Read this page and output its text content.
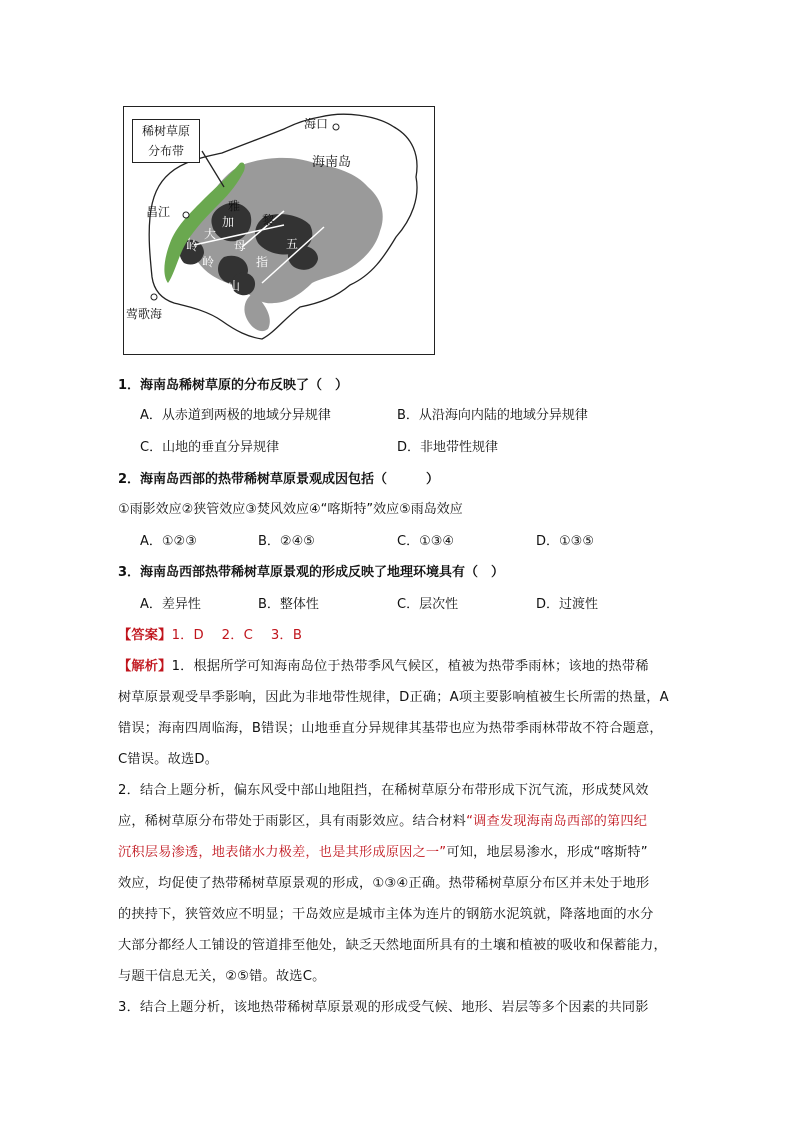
稀树草原
分布带
海口
海南岛
昌江
莺歌海
雅
加
大
岭
岭
黎
母	五
指
山
1．海南岛稀树草原的分布反映了（　）
A．从赤道到两极的地域分异规律	B．从沿海向内陆的地域分异规律
C．山地的垂直分异规律	D．非地带性规律
2．海南岛西部的热带稀树草原景观成因包括（　　　）
①雨影效应②狭管效应③焚风效应④“喀斯特”效应⑤雨岛效应
A．①②③	B．②④⑤	C．①③④	D．①③⑤
3．海南岛西部热带稀树草原景观的形成反映了地理环境具有（　）
A．差异性	B．整体性	C．层次性	D．过渡性
【答案】1．D　 2．C　 3．B
【解析】1．根据所学可知海南岛位于热带季风气候区，植被为热带季雨林；该地的热带稀
树草原景观受旱季影响，因此为非地带性规律，D正确；A项主要影响植被生长所需的热量，A
错误；海南四周临海，B错误；山地垂直分异规律其基带也应为热带季雨林带故不符合题意，
C错误。故选D。
2．结合上题分析，偏东风受中部山地阻挡，在稀树草原分布带形成下沉气流，形成焚风效
应，稀树草原分布带处于雨影区，具有雨影效应。结合材料“调查发现海南岛西部的第四纪
沉积层易渗透，地表储水力极差，也是其形成原因之一”可知，地层易渗水，形成“喀斯特”
效应，均促使了热带稀树草原景观的形成，①③④正确。热带稀树草原分布区并未处于地形
的挟持下，狭管效应不明显；干岛效应是城市主体为连片的钢筋水泥筑就，降落地面的水分
大部分都经人工铺设的管道排至他处，缺乏天然地面所具有的土壤和植被的吸收和保蓄能力，
与题干信息无关，②⑤错。故选C。
3．结合上题分析，该地热带稀树草原景观的形成受气候、地形、岩层等多个因素的共同影
